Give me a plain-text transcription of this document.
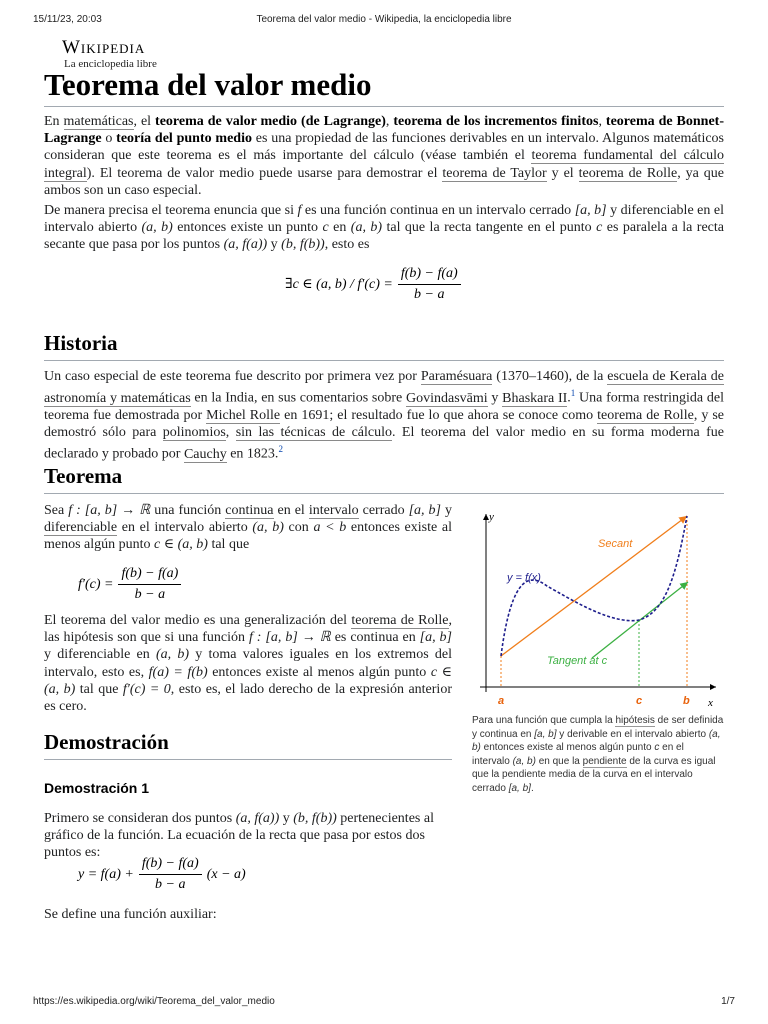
15/11/23, 20:03	Teorema del valor medio - Wikipedia, la enciclopedia libre
Wikipedia
La enciclopedia libre
Teorema del valor medio

En matemáticas, el teorema de valor medio (de Lagrange), teorema de los incrementos finitos, teorema de Bonnet-Lagrange o teoría del punto medio es una propiedad de las funciones derivables en un intervalo. Algunos matemáticos consideran que este teorema es el más importante del cálculo (véase también el teorema fundamental del cálculo integral). El teorema de valor medio puede usarse para demostrar el teorema de Taylor y el teorema de Rolle, ya que ambos son un caso especial.

De manera precisa el teorema enuncia que si f es una función continua en un intervalo cerrado [a, b] y diferenciable en el intervalo abierto (a, b) entonces existe un punto c en (a, b) tal que la recta tangente en el punto c es paralela a la recta secante que pasa por los puntos (a, f(a)) y (b, f(b)), esto es

∃c ∈ (a, $b) / f'(c) = \frac{f(b) - f(a)}{b - a}$
Historia

Un caso especial de este teorema fue descrito por primera vez por Paramésuara (1370–1460), de la escuela de Kerala de astronomía y matemáticas en la India, en sus comentarios sobre Govindasvāmi y Bhaskara II.$^1$ Una forma restringida del teorema fue demostrada por Michel Rolle en 1691; el resultado fue lo que ahora se conoce como teorema de Rolle, y se demostró sólo para polinomios, sin las técnicas de cálculo. El teorema del valor medio en su forma moderna fue declarado y probado por Cauchy en 1823.$^2$

Teorema

Sea f : [a, b] → ℝ una función continua en el intervalo cerrado [a, b] y diferenciable en el intervalo abierto (a, b) con a < b entonces existe al menos algún punto c ∈ (a, b) tal que

$f'(c) = \frac{f(b) - f(a)}{b - a}$

El teorema del valor medio es una generalización del teorema de Rolle, las hipótesis son que si una función f : [a, b] → ℝ es continua en [a, b] y diferenciable en (a, b) y toma valores iguales en los extremos del intervalo, esto es, f(a) = f(b) entonces existe al menos algún punto c ∈ (a, b) tal que f′(c) = 0, esto es, el lado derecho de la expresión anterior es cero.

y
x
Secant
y = f(x)
Tangent at c
a	c	b
Para una función que cumpla la hipótesis de ser definida y continua en [a, b] y derivable en el intervalo abierto (a, b) entonces existe al menos algún punto c en el intervalo (a, b) en que la pendiente de la curva es igual que la pendiente media de la curva en el intervalo cerrado [a, b].
Demostración
Demostración 1

Primero se consideran dos puntos (a, f(a)) y (b, f(b)) pertenecientes al gráfico de la función. La ecuación de la recta que pasa por estos dos puntos es:

$y = f(a) + \frac{f(b) - f(a)}{b - a} (x - a)$

Se define una función auxiliar:

https://es.wikipedia.org/wiki/Teorema_del_valor_medio	1/7
